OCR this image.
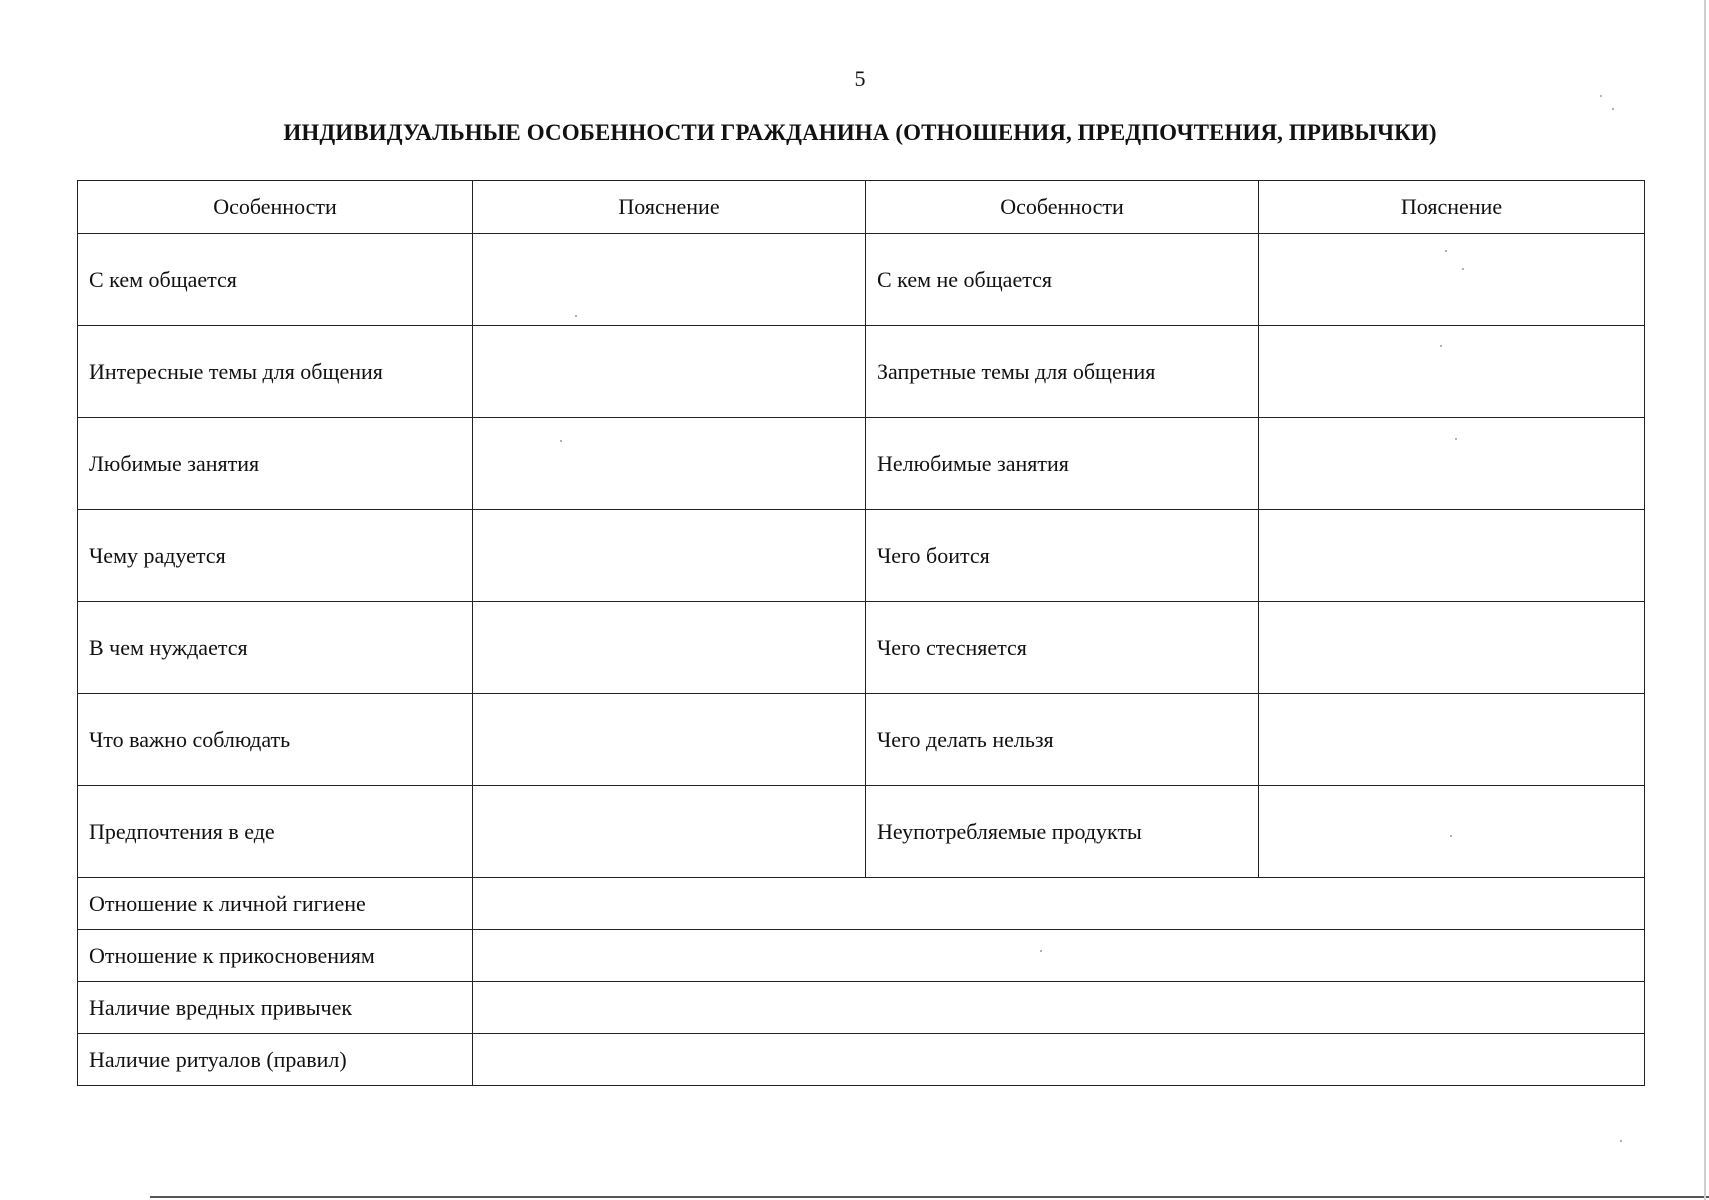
5
ИНДИВИДУАЛЬНЫЕ ОСОБЕННОСТИ ГРАЖДАНИНА (ОТНОШЕНИЯ, ПРЕДПОЧТЕНИЯ, ПРИВЫЧКИ)
Особенности	Пояснение	Особенности	Пояснение
С кем общается		С кем не общается	
Интересные темы для общения		Запретные темы для общения	
Любимые занятия		Нелюбимые занятия	
Чему радуется		Чего боится	
В чем нуждается		Чего стесняется	
Что важно соблюдать		Чего делать нельзя	
Предпочтения в еде		Неупотребляемые продукты	
Отношение к личной гигиене			
Отношение к прикосновениям			
Наличие вредных привычек			
Наличие ритуалов (правил)			
